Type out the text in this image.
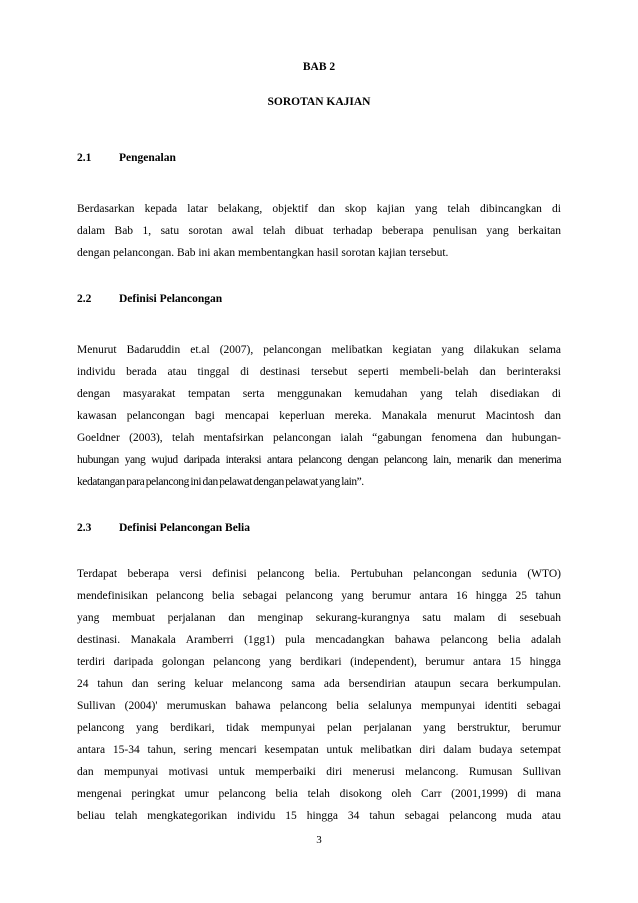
BAB 2
SOROTAN KAJIAN
2.1 Pengenalan
Berdasarkan kepada latar belakang, objektif dan skop kajian yang telah dibincangkan di
dalam Bab 1, satu sorotan awal telah dibuat terhadap beberapa penulisan yang berkaitan
dengan pelancongan. Bab ini akan membentangkan hasil sorotan kajian tersebut.
2.2 Definisi Pelancongan
Menurut Badaruddin et.al (2007), pelancongan melibatkan kegiatan yang dilakukan selama
individu berada atau tinggal di destinasi tersebut seperti membeli-belah dan berinteraksi
dengan masyarakat tempatan serta menggunakan kemudahan yang telah disediakan di
kawasan pelancongan bagi mencapai keperluan mereka. Manakala menurut Macintosh dan
Goeldner (2003), telah mentafsirkan pelancongan ialah “gabungan fenomena dan hubungan-
hubungan yang wujud daripada interaksi antara pelancong dengan pelancong lain, menarik dan menerima
kedatangan para pelancong ini dan pelawat dengan pelawat yang lain”.
2.3 Definisi Pelancongan Belia
Terdapat beberapa versi definisi pelancong belia. Pertubuhan pelancongan sedunia (WTO)
mendefinisikan pelancong belia sebagai pelancong yang berumur antara 16 hingga 25 tahun
yang membuat perjalanan dan menginap sekurang-kurangnya satu malam di sesebuah
destinasi. Manakala Aramberri (1gg1) pula mencadangkan bahawa pelancong belia adalah
terdiri daripada golongan pelancong yang berdikari (independent), berumur antara 15 hingga
24 tahun dan sering keluar melancong sama ada bersendirian ataupun secara berkumpulan.
Sullivan (2004)' merumuskan bahawa pelancong belia selalunya mempunyai identiti sebagai
pelancong yang berdikari, tidak mempunyai pelan perjalanan yang berstruktur, berumur
antara 15-34 tahun, sering mencari kesempatan untuk melibatkan diri dalam budaya setempat
dan mempunyai motivasi untuk memperbaiki diri menerusi melancong. Rumusan Sullivan
mengenai peringkat umur pelancong belia telah disokong oleh Carr (2001,1999) di mana
beliau telah mengkategorikan individu 15 hingga 34 tahun sebagai pelancong muda atau
3
